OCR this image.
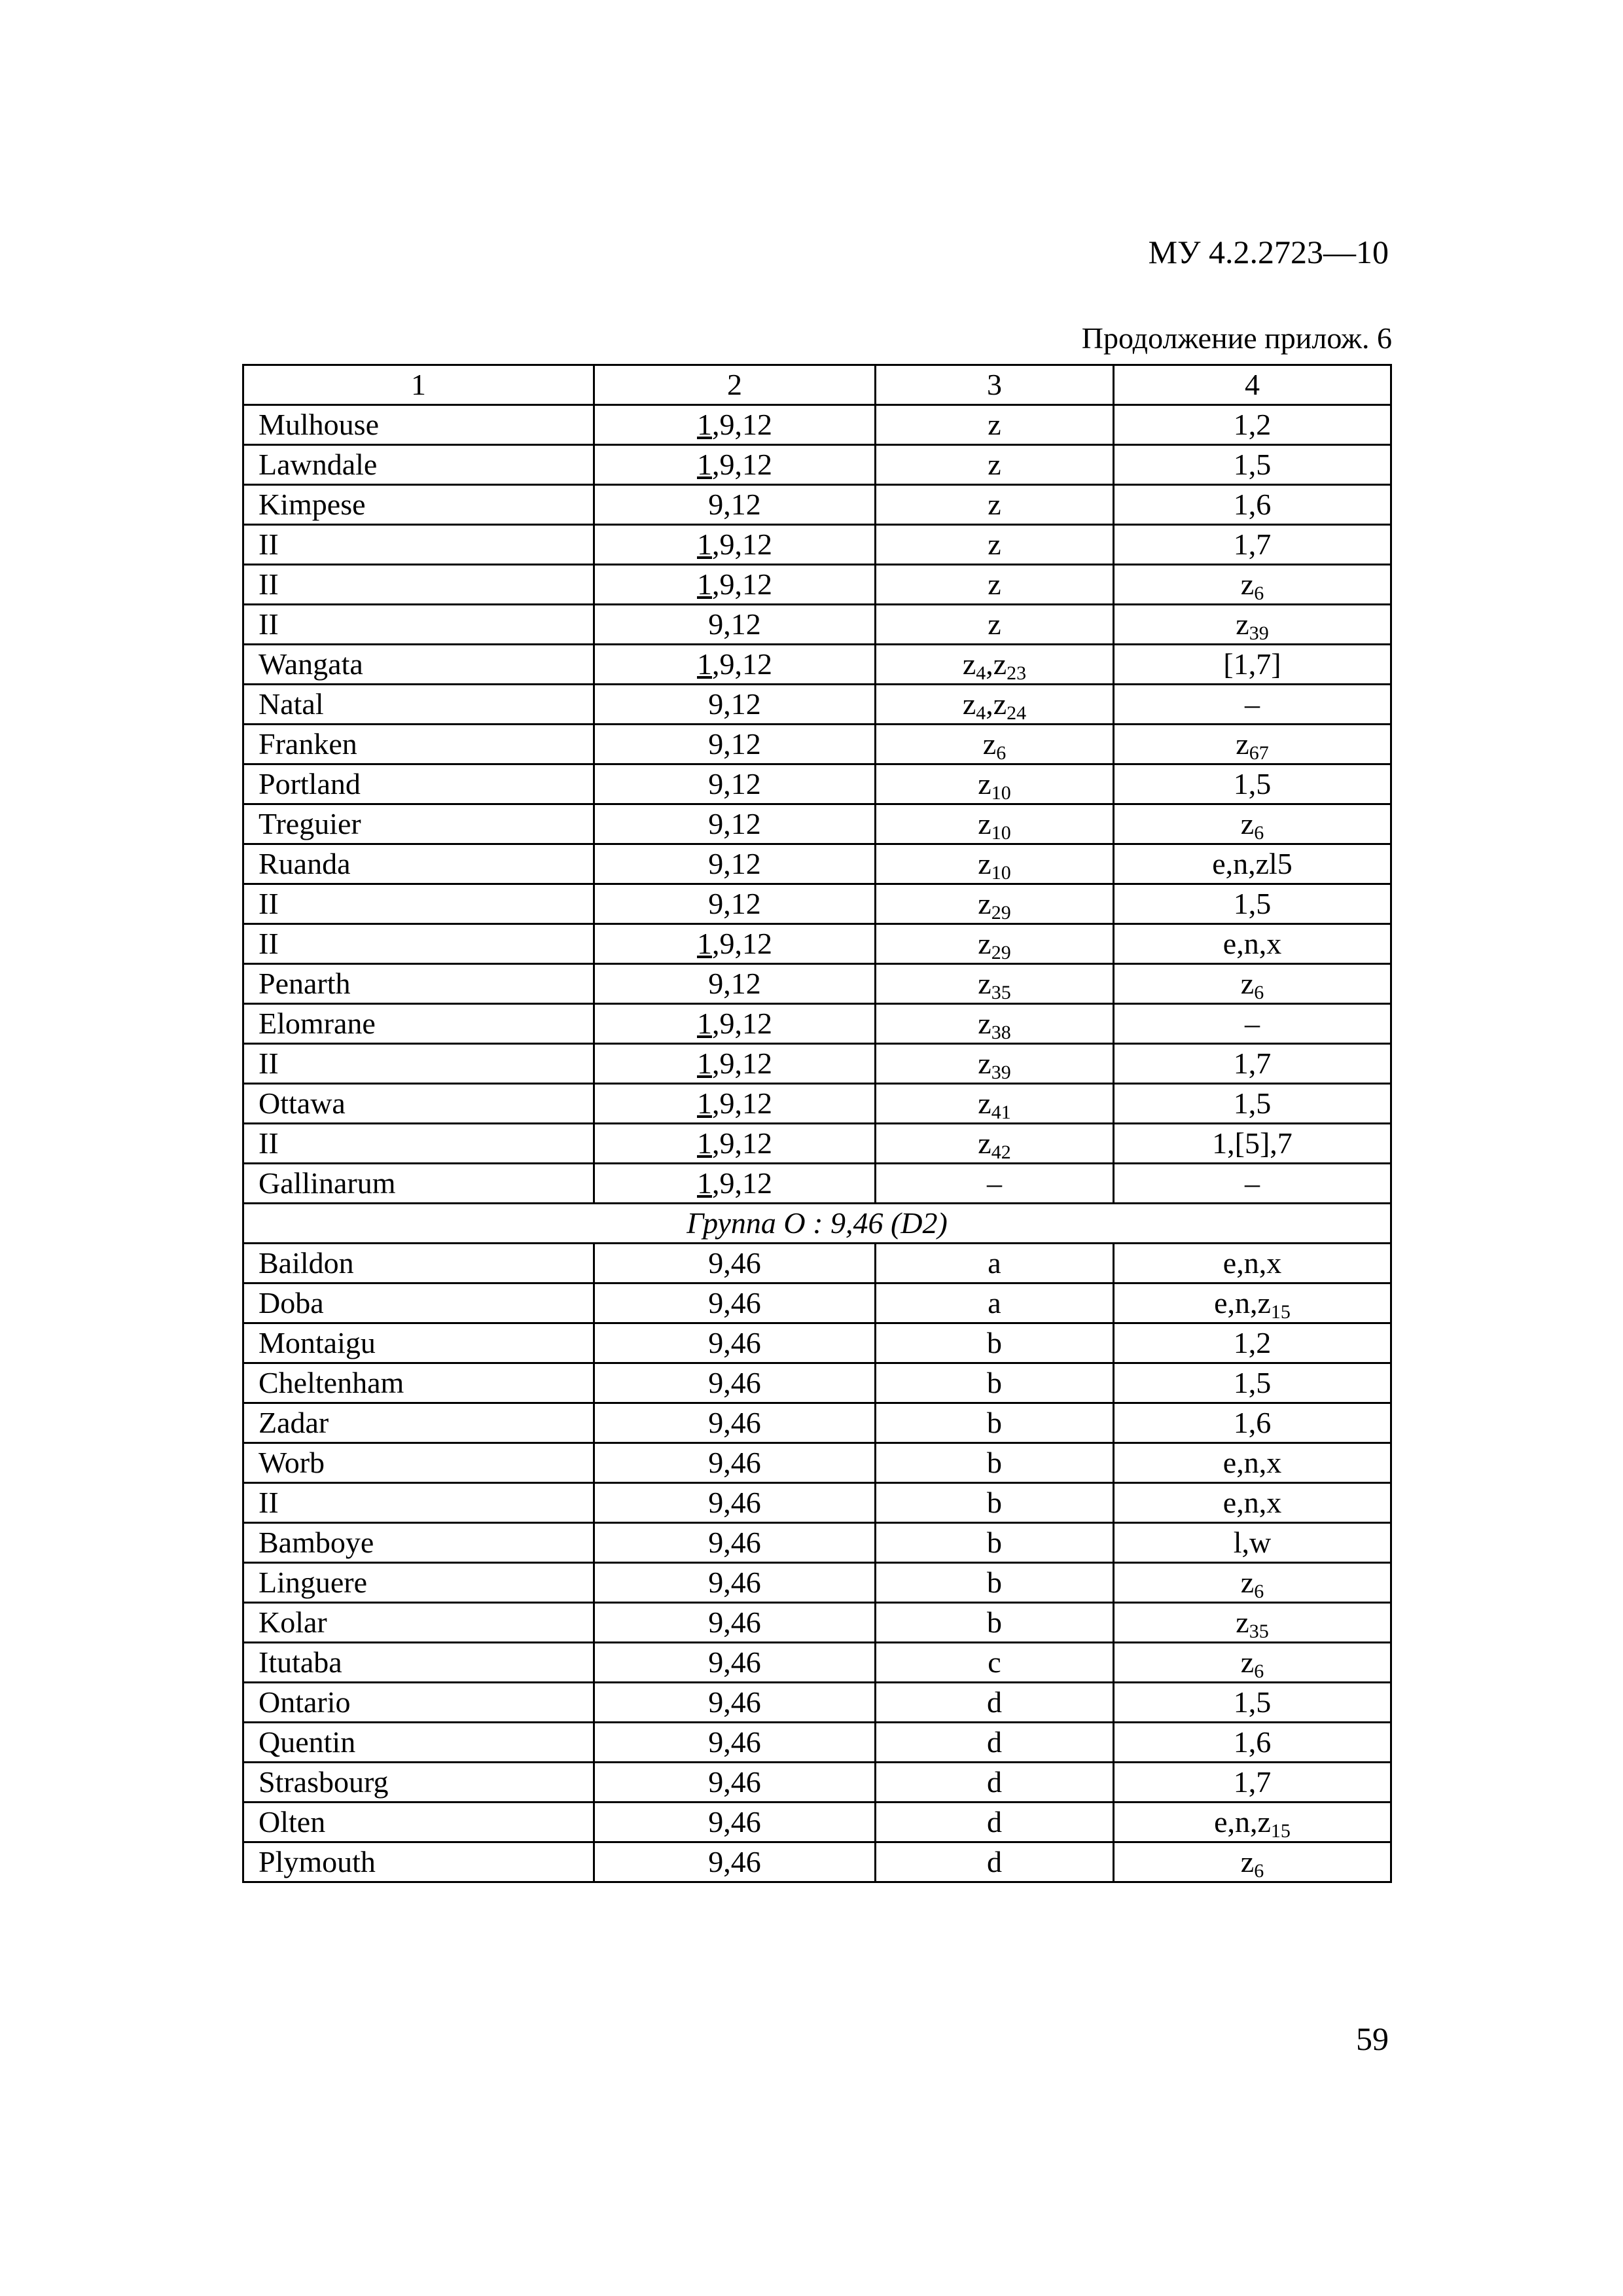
МУ 4.2.2723—10
Продолжение прилож. 6
1	2	3	4
Mulhouse	1,9,12	z	1,2
Lawndale	1,9,12	z	1,5
Kimpese	9,12	z	1,6
II	1,9,12	z	1,7
II	1,9,12	z	$z_6$
II	9,12	z	$z_{39}$
Wangata	1,9,12	$z_4,z_{23}$	[1,7]
Natal	9,12	$z_4,z_{24}$	–
Franken	9,12	$z_6$	$z_{67}$
Portland	9,12	$z_{10}$	1,5
Treguier	9,12	$z_{10}$	$z_6$
Ruanda	9,12	$z_{10}$	e,n,zl5
II	9,12	$z_{29}$	1,5
II	1,9,12	$z_{29}$	e,n,x
Penarth	9,12	$z_{35}$	$z_6$
Elomrane	1,9,12	$z_{38}$	–
II	1,9,12	$z_{39}$	1,7
Ottawa	1,9,12	$z_{41}$	1,5
II	1,9,12	$z_{42}$	1,[5],7
Gallinarum	1,9,12	–	–
Группа О : 9,46 (D2)			
Baildon	9,46	a	e,n,x
Doba	9,46	a	$e,n,z_{15}$
Montaigu	9,46	b	1,2
Cheltenham	9,46	b	1,5
Zadar	9,46	b	1,6
Worb	9,46	b	e,n,x
II	9,46	b	e,n,x
Bamboye	9,46	b	l,w
Linguere	9,46	b	$z_6$
Kolar	9,46	b	$z_{35}$
Itutaba	9,46	c	$z_6$
Ontario	9,46	d	1,5
Quentin	9,46	d	1,6
Strasbourg	9,46	d	1,7
Olten	9,46	d	$e,n,z_{15}$
Plymouth	9,46	d	$z_6$
59
